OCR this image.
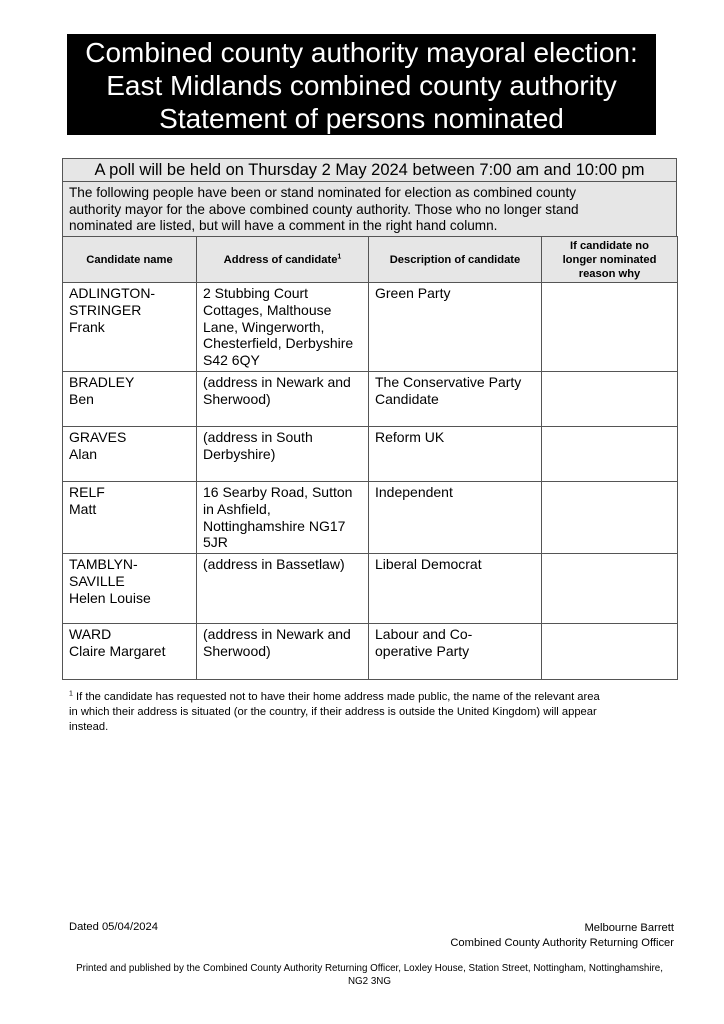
Combined county authority mayoral election:
East Midlands combined county authority
Statement of persons nominated
A poll will be held on Thursday 2 May 2024 between 7:00 am and 10:00 pm

The following people have been or stand nominated for election as combined county
authority mayor for the above combined county authority. Those who no longer stand
nominated are listed, but will have a comment in the right hand column.
Candidate name	Address of candidate$^1$	Description of candidate	If candidate no
longer nominated
reason why

ADLINGTON-
STRINGER
Frank	2 Stubbing Court
Cottages, Malthouse
Lane, Wingerworth,
Chesterfield, Derbyshire
S42 6QY	Green Party	

BRADLEY
Ben	(address in Newark and
Sherwood)	The Conservative Party
Candidate	

GRAVES
Alan	(address in South
Derbyshire)	Reform UK	

RELF
Matt	16 Searby Road, Sutton
in Ashfield,
Nottinghamshire NG17
5JR	Independent	

TAMBLYN-
SAVILLE
Helen Louise	(address in Bassetlaw)	Liberal Democrat	

WARD
Claire Margaret	(address in Newark and
Sherwood)	Labour and Co-
operative Party	

$^1$ If the candidate has requested not to have their home address made public, the name of the relevant area
in which their address is situated (or the country, if their address is outside the United Kingdom) will appear
instead.
Dated 05/04/2024	Melbourne Barrett
Combined County Authority Returning Officer
Printed and published by the Combined County Authority Returning Officer, Loxley House, Station Street, Nottingham, Nottinghamshire,
NG2 3NG
